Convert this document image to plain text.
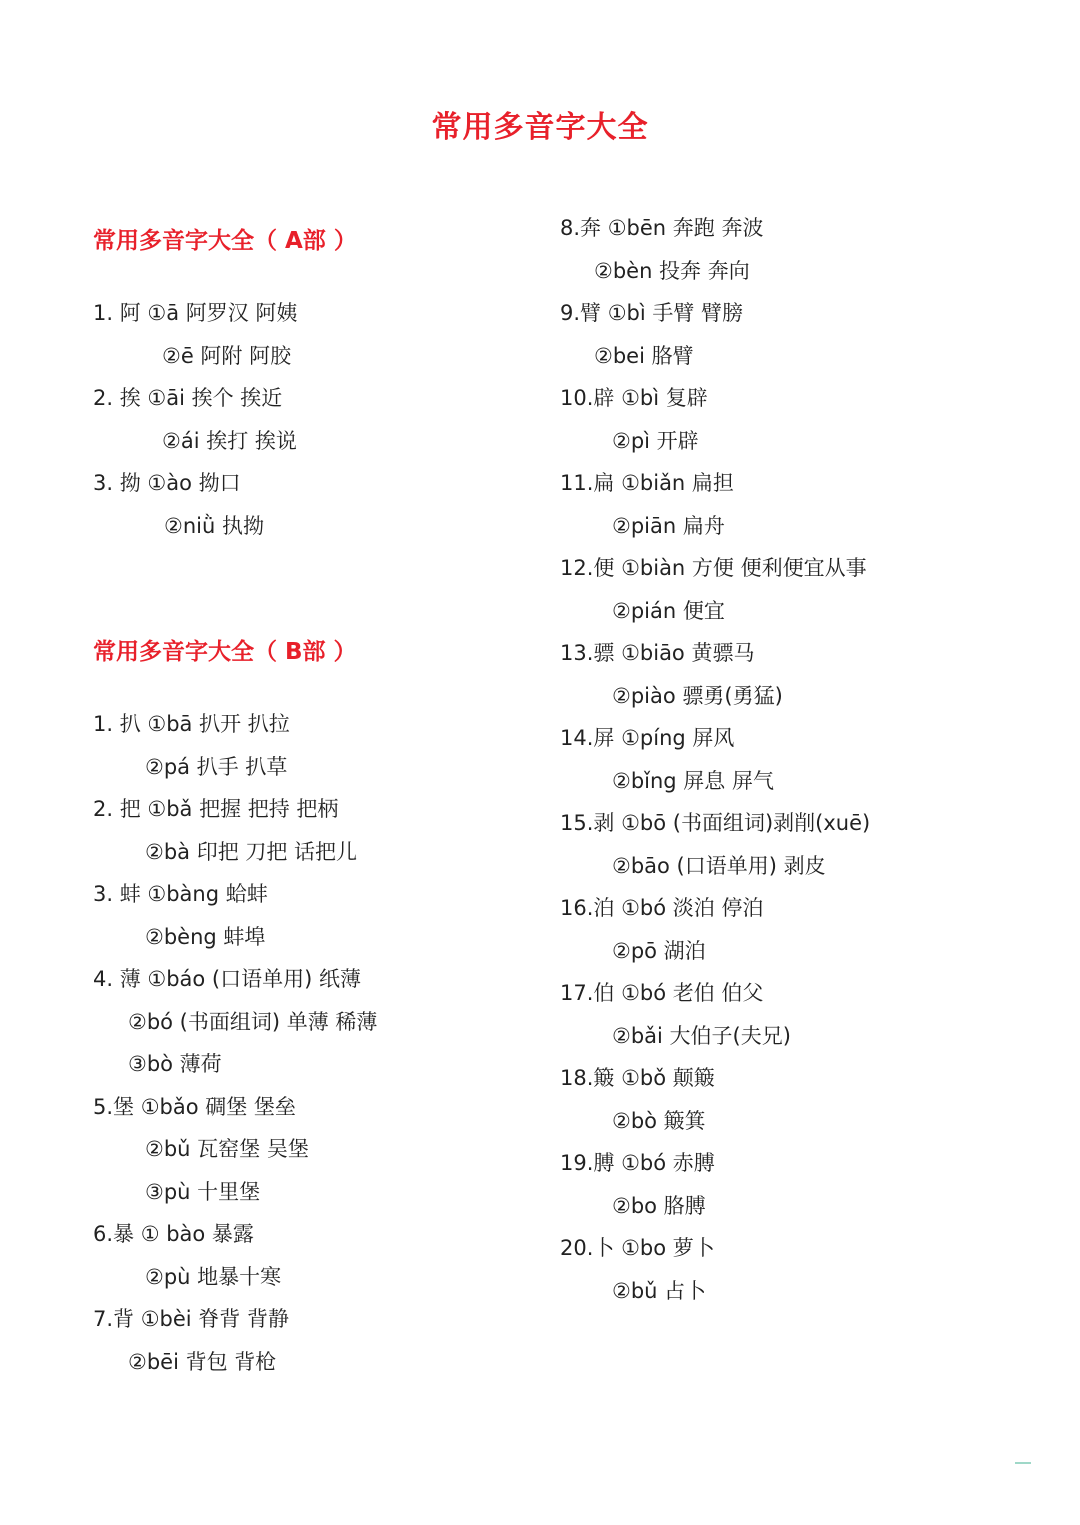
常用多音字大全
常用多音字大全（ A部 ）
1. 阿 ①ā 阿罗汉 阿姨
②ē 阿附 阿胶
2. 挨 ①āi 挨个 挨近
②ái 挨打 挨说
3. 拗 ①ào 拗口
②niǜ 执拗
常用多音字大全（ B部 ）
1. 扒 ①bā 扒开 扒拉
②pá 扒手 扒草
2. 把 ①bǎ 把握 把持 把柄
②bà 印把 刀把 话把儿
3. 蚌 ①bàng 蛤蚌
②bèng 蚌埠
4. 薄 ①báo (口语单用) 纸薄
②bó (书面组词) 单薄 稀薄
③bò 薄荷
5.堡 ①bǎo 碉堡 堡垒
②bǔ 瓦窑堡 吴堡
③pù 十里堡
6.暴 ① bào 暴露
②pù 地暴十寒
7.背 ①bèi 脊背 背静
②bēi 背包 背枪
8.奔 ①bēn 奔跑 奔波
②bèn 投奔 奔向
9.臂 ①bì 手臂 臂膀
②bei 胳臂
10.辟 ①bì 复辟
②pì 开辟
11.扁 ①biǎn 扁担
②piān 扁舟
12.便 ①biàn 方便 便利便宜从事
②pián 便宜
13.骠 ①biāo 黄骠马
②piào 骠勇(勇猛)
14.屏 ①píng 屏风
②bǐng 屏息 屏气
15.剥 ①bō (书面组词)剥削(xuē)
②bāo (口语单用) 剥皮
16.泊 ①bó 淡泊 停泊
②pō 湖泊
17.伯 ①bó 老伯 伯父
②bǎi 大伯子(夫兄)
18.簸 ①bǒ 颠簸
②bò 簸箕
19.膊 ①bó 赤膊
②bo 胳膊
20.卜 ①bo 萝卜
②bǔ 占卜
